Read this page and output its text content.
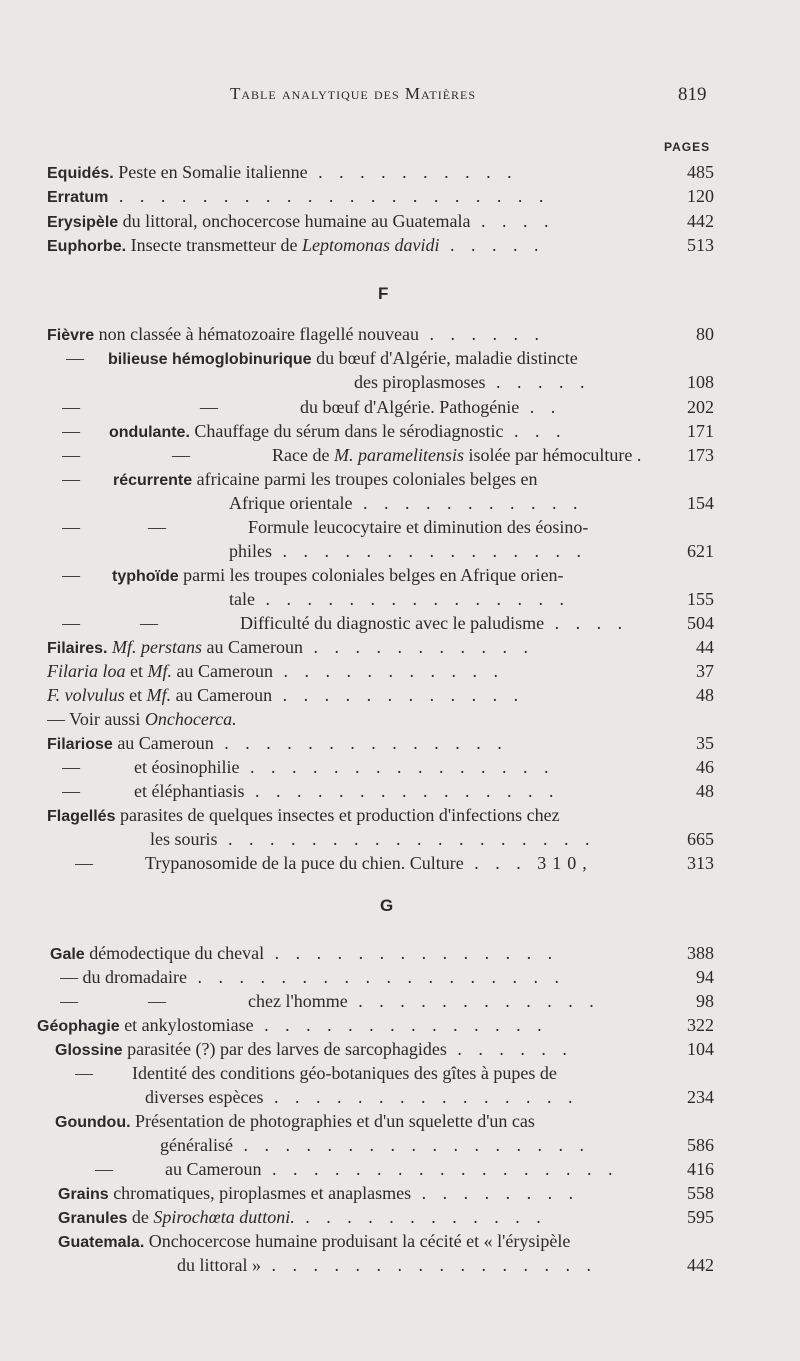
Table analytique des Matières	819
PAGES
F
G
Equidés. Peste en Somalie italienne . . . . . . . . . .	485
Erratum . . . . . . . . . . . . . . . . . . . . .	120
Erysipèle du littoral, onchocercose humaine au Guatemala . . . .	442
Euphorbe. Insecte transmetteur de Leptomonas davidi . . . . .	513
Fièvre non classée à hématozoaire flagellé nouveau . . . . . .	80
— bilieuse hémoglobinurique du bœuf d'Algérie, maladie distincte
des piroplasmoses . . . . .	108
—	—	du bœuf d'Algérie. Pathogénie . .	202
— ondulante. Chauffage du sérum dans le sérodiagnostic . . .	171
—	—	Race de M. paramelitensis isolée par hémoculture .	173
— récurrente africaine parmi les troupes coloniales belges en
Afrique orientale . . . . . . . . . . .	154
—	—	Formule leucocytaire et diminution des éosino-
philes . . . . . . . . . . . . . . .	621
— typhoïde parmi les troupes coloniales belges en Afrique orien-
tale . . . . . . . . . . . . . . .	155
—	—	Difficulté du diagnostic avec le paludisme . . . .	504
Filaires. Mf. perstans au Cameroun . . . . . . . . . . .	44
Filaria loa et Mf. au Cameroun . . . . . . . . . . .	37
F. volvulus et Mf. au Cameroun . . . . . . . . . . . .	48
— Voir aussi Onchocerca.
Filariose au Cameroun . . . . . . . . . . . . . .	35
—	et éosinophilie . . . . . . . . . . . . . . .	46
—	et éléphantiasis . . . . . . . . . . . . . . .	48
Flagellés parasites de quelques insectes et production d'infections chez
les souris . . . . . . . . . . . . . . . . . .	665
—	Trypanosomide de la puce du chien. Culture . . . 310,	313
Gale démodectique du cheval . . . . . . . . . . . . . .	388
— du dromadaire . . . . . . . . . . . . . . . . . .	94
—	—	chez l'homme . . . . . . . . . . . .	98
Géophagie et ankylostomiase . . . . . . . . . . . . . .	322
Glossine parasitée (?) par des larves de sarcophagides . . . . . .	104
— Identité des conditions géo-botaniques des gîtes à pupes de
diverses espèces . . . . . . . . . . . . . . .	234
Goundou. Présentation de photographies et d'un squelette d'un cas
généralisé . . . . . . . . . . . . . . . . .	586
—	au Cameroun . . . . . . . . . . . . . . . . .	416
Grains chromatiques, piroplasmes et anaplasmes . . . . . . . .	558
Granules de Spirochœta duttoni. . . . . . . . . . . . .	595
Guatemala. Onchocercose humaine produisant la cécité et « l'érysipèle
du littoral » . . . . . . . . . . . . . . . .	442
